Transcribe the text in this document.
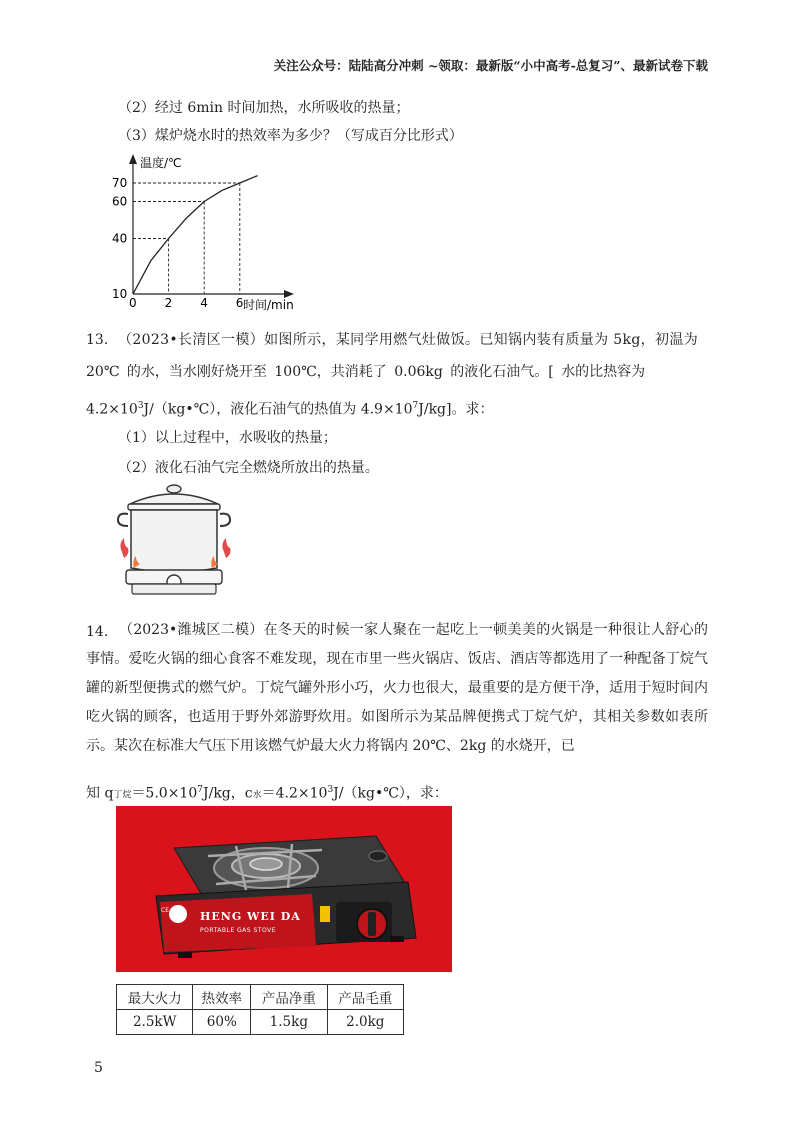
关注公众号：陆陆高分冲刺 ~领取：最新版“小中高考-总复习”、最新试卷下载
（2）经过 6min 时间加热，水所吸收的热量；
（3）煤炉烧水时的热效率为多少？（写成百分比形式）
温度/℃
时间/min
10
40
60
70
0 2 4 6
13. （2023•长清区一模）如图所示，某同学用燃气灶做饭。已知锅内装有质量为 5kg，初温为
20℃ 的水，当水刚好烧开至 100℃，共消耗了 0.06kg 的液化石油气。[ 水的比热容为
$4.2\times 10^3J/(kg•℃)$，液化石油气的热值为 $4.9\times 10^7J/kg$]。求：
（1）以上过程中，水吸收的热量；
（2）液化石油气完全燃烧所放出的热量。
14. （2023•潍城区二模）在冬天的时候一家人聚在一起吃上一顿美美的火锅是一种很让人舒心的事情。爱吃火锅的细心食客不难发现，现在市里一些火锅店、饭店、酒店等都选用了一种配备丁烷气罐的新型便携式的燃气炉。丁烷气罐外形小巧，火力也很大，最重要的是方便干净，适用于短时间内吃火锅的顾客，也适用于野外郊游野炊用。如图所示为某品牌便携式丁烷气炉，其相关参数如表所示。某次在标准大气压下用该燃气炉最大火力将锅内 20℃、2kg 的水烧开，已

知 q丁烷$=5.0\times 10^7J/kg$，c水$=4.2\times 10^3J/(kg•℃)$，求：
CE	HENG WEI DA
PORTABLE GAS STOVE
最大火力	热效率	产品净重	产品毛重
2.5kW	60%	1.5kg	2.0kg
5
